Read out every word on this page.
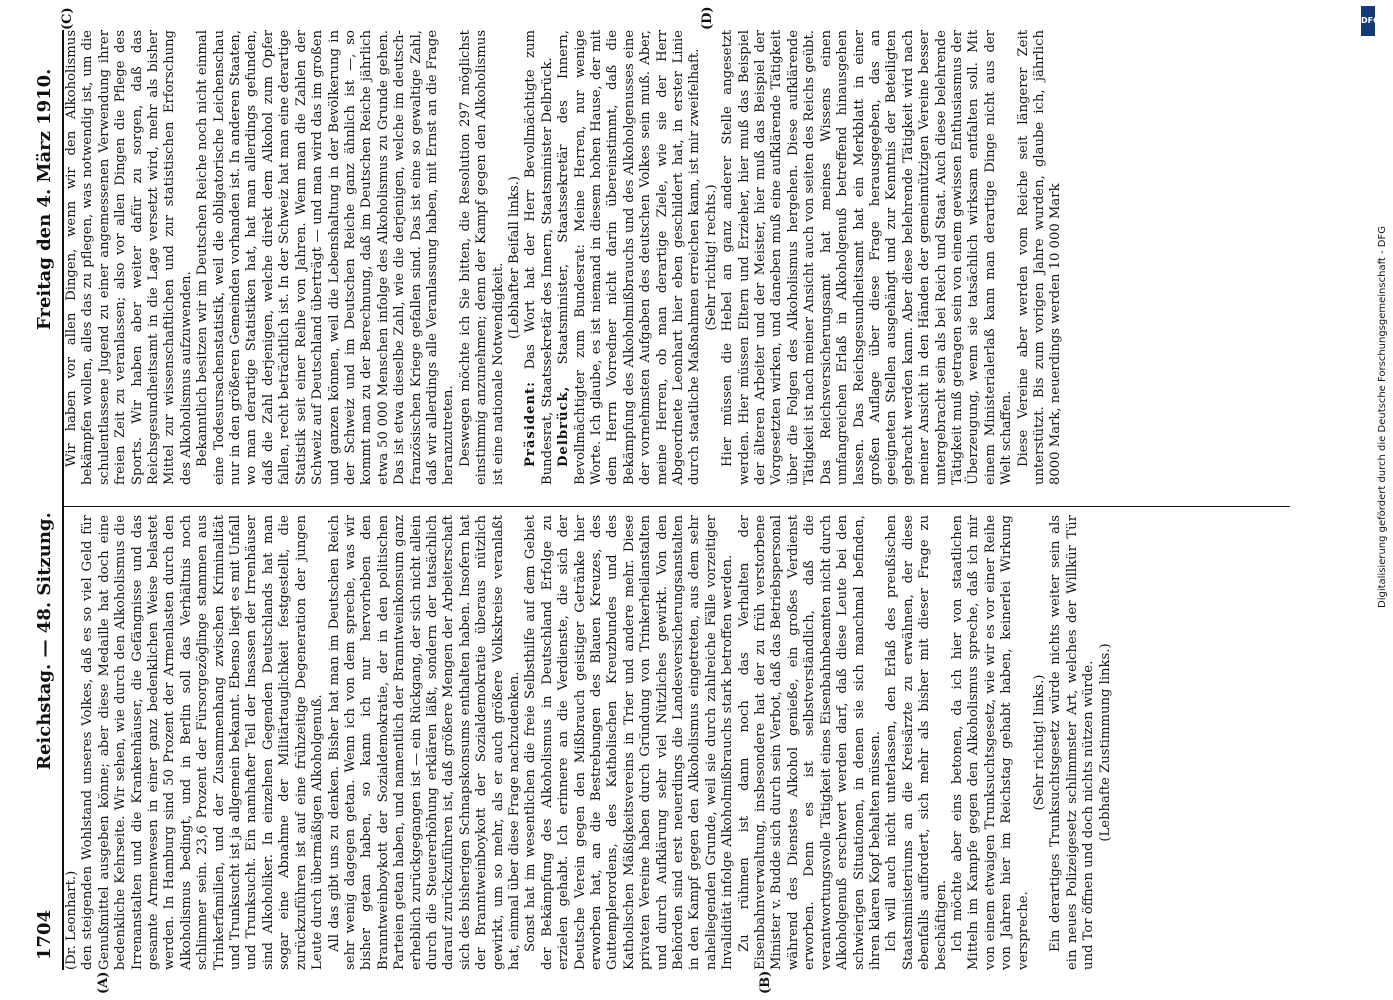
1704
Reichstag. — 48. Sitzung.
Freitag den 4. März 1910.
(A)	(B)
(C)	(D)

(Dr. Leonhart.) den steigenden Wohlstand unseres Volkes, daß es so viel Geld für Genußmittel ausgeben könne; aber diese Medaille hat doch eine bedenkliche Kehrseite. Wir sehen, wie durch den Alkoholismus die Irrenanstalten und die Krankenhäuser, die Gefängnisse und das gesamte Armenwesen in einer ganz bedenklichen Weise belastet werden. In Hamburg sind 50 Prozent der Armenlasten durch den Alkoholismus bedingt, und in Berlin soll das Verhältnis noch schlimmer sein. 23,6 Prozent der Fürsorgezöglinge stammen aus Trinkerfamilien, und der Zusammenhang zwischen Kriminalität und Trunksucht ist ja allgemein bekannt. Ebenso liegt es mit Unfall und Trunksucht. Ein namhafter Teil der Insassen der Irrenhäuser sind Alkoholiker. In einzelnen Gegenden Deutschlands hat man sogar eine Abnahme der Militärtauglichkeit festgestellt, die zurückzuführen ist auf eine frühzeitige Degeneration der jungen Leute durch übermäßigen Alkoholgenuß. All das gibt uns zu denken. Bisher hat man im Deutschen Reich sehr wenig dagegen getan. Wenn ich von dem spreche, was wir bisher getan haben, so kann ich nur hervorheben den Branntweinboykott der Sozialdemokratie, der in den politischen Parteien getan haben, und namentlich der Branntweinkonsum ganz erheblich zurückgegangen ist — ein Rückgang, der sich nicht allein durch die Steuererhöhung erklären läßt, sondern der tatsächlich darauf zurückzuführen ist, daß größere Mengen der Arbeiterschaft sich des bisherigen Schnapskonsums enthalten haben. Insofern hat der Branntweinboykott der Sozialdemokratie überaus nützlich gewirkt, um so mehr, als er auch größere Volkskreise veranlaßt hat, einmal über diese Frage nachzudenken. Sonst hat im wesentlichen die freie Selbsthilfe auf dem Gebiet der Bekämpfung des Alkoholismus in Deutschland Erfolge zu erzielen gehabt. Ich erinnere an die Verdienste, die sich der Deutsche Verein gegen den Mißbrauch geistiger Getränke hier erworben hat, an die Bestrebungen des Blauen Kreuzes, des Guttemplerordens, des Katholischen Kreuzbundes und des Katholischen Mäßigkeitsvereins in Trier und andere mehr. Diese privaten Vereine haben durch Gründung von Trinkerheilanstalten und durch Aufklärung sehr viel Nützliches gewirkt. Von den Behörden sind erst neuerdings die Landesversicherungsanstalten in den Kampf gegen den Alkoholismus eingetreten, aus dem sehr naheliegenden Grunde, weil sie durch zahlreiche Fälle vorzeitiger Invalidität infolge Alkoholmißbrauchs stark betroffen werden. Zu rühmen ist dann noch das Verhalten der Eisenbahnverwaltung, insbesondere hat der zu früh verstorbene Minister v. Budde sich durch sein Verbot, daß das Betriebspersonal während des Dienstes Alkohol genieße, ein großes Verdienst erworben. Denn es ist selbstverständlich, daß die verantwortungsvolle Tätigkeit eines Eisenbahnbeamten nicht durch Alkoholgenuß erschwert werden darf, daß diese Leute bei den schwierigen Situationen, in denen sie sich manchmal befinden, ihren klaren Kopf behalten müssen. Ich will auch nicht unterlassen, den Erlaß des preußischen Staatsministeriums an die Kreisärzte zu erwähnen, der diese ebenfalls auffordert, sich mehr als bisher mit dieser Frage zu beschäftigen. Ich möchte aber eins betonen, da ich hier von staatlichen Mitteln im Kampfe gegen den Alkoholismus spreche, daß ich mir von einem etwaigen Trunksuchtsgesetz, wie wir es vor einer Reihe von Jahren hier im Reichstag gehabt haben, keinerlei Wirkung verspreche.

(Sehr richtig! links.) Ein derartiges Trunksuchtsgesetz würde nichts weiter sein als ein neues Polizeigesetz schlimmster Art, welches der Willkür Tür und Tor öffnen und doch nichts nützen würde. (Lebhafte Zustimmung links.)

Wir haben vor allen Dingen, wenn wir den Alkoholismus bekämpfen wollen, alles das zu pflegen, was notwendig ist, um die schulentlassene Jugend zu einer angemessenen Verwendung ihrer freien Zeit zu veranlassen; also vor allen Dingen die Pflege des Sports. Wir haben aber weiter dafür zu sorgen, daß das Reichsgesundheitsamt in die Lage versetzt wird, mehr als bisher Mittel zur wissenschaftlichen und zur statistischen Erforschung des Alkoholismus aufzuwenden. Bekanntlich besitzen wir im Deutschen Reiche noch nicht einmal eine Todesursachenstatistik, weil die obligatorische Leichenschau nur in den größeren Gemeinden vorhanden ist. In anderen Staaten, wo man derartige Statistiken hat, hat man allerdings gefunden, daß die Zahl derjenigen, welche direkt dem Alkohol zum Opfer fallen, recht beträchtlich ist. In der Schweiz hat man eine derartige Statistik seit einer Reihe von Jahren. Wenn man die Zahlen der Schweiz auf Deutschland überträgt — und man wird das im großen und ganzen können, weil die Lebenshaltung in der Bevölkerung in der Schweiz und im Deutschen Reiche ganz ähnlich ist —, so kommt man zu der Berechnung, daß im Deutschen Reiche jährlich etwa 50 000 Menschen infolge des Alkoholismus zu Grunde gehen. Das ist etwa dieselbe Zahl, wie die derjenigen, welche im deutsch-französischen Kriege gefallen sind. Das ist eine so gewaltige Zahl, daß wir allerdings alle Veranlassung haben, mit Ernst an die Frage heranzutreten. Deswegen möchte ich Sie bitten, die Resolution 297 möglichst einstimmig anzunehmen; denn der Kampf gegen den Alkoholismus ist eine nationale Notwendigkeit.

(Lebhafter Beifall links.)

Präsident: Das Wort hat der Herr Bevollmächtigte zum Bundesrat, Staatssekretär des Innern, Staatsminister Delbrück. Delbrück, Staatsminister, Staatssekretär des Innern, Bevollmächtigter zum Bundesrat: Meine Herren, nur wenige Worte. Ich glaube, es ist niemand in diesem hohen Hause, der mit dem Herrn Vorredner nicht darin übereinstimmt, daß die Bekämpfung des Alkoholmißbrauchs und des Alkoholgenusses eine der vornehmsten Aufgaben des deutschen Volkes sein muß. Aber, meine Herren, ob man derartige Ziele, wie sie der Herr Abgeordnete Leonhart hier eben geschildert hat, in erster Linie durch staatliche Maßnahmen erreichen kann, ist mir zweifelhaft. (Sehr richtig! rechts.) Hier müssen die Hebel an ganz anderer Stelle angesetzt werden. Hier müssen Eltern und Erzieher, hier muß das Beispiel der älteren Arbeiter und der Meister, hier muß das Beispiel der Vorgesetzten wirken, und daneben muß eine aufklärende Tätigkeit über die Folgen des Alkoholismus hergehen. Diese aufklärende Tätigkeit ist nach meiner Ansicht auch von seiten des Reichs geübt. Das Reichsversicherungsamt hat meines Wissens einen umfangreichen Erlaß in Alkoholgenuß betreffend hinausgehen lassen. Das Reichsgesundheitsamt hat ein Merkblatt in einer großen Auflage über diese Frage herausgegeben, das an geeigneten Stellen ausgehängt und zur Kenntnis der Beteiligten gebracht werden kann. Aber diese belehrende Tätigkeit wird nach meiner Ansicht in den Händen der gemeinnützigen Vereine besser untergebracht sein als bei Reich und Staat. Auch diese belehrende Tätigkeit muß getragen sein von einem gewissen Enthusiasmus der Überzeugung, wenn sie tatsächlich wirksam entfalten soll. Mit einem Ministerialerlaß kann man derartige Dinge nicht aus der Welt schaffen. Diese Vereine aber werden vom Reiche seit längerer Zeit unterstützt. Bis zum vorigen Jahre wurden, glaube ich, jährlich 8000 Mark, neuerdings werden 10 000 Mark

DFG
Digitalisierung gefördert durch die Deutsche Forschungsgemeinschaft - DFG
